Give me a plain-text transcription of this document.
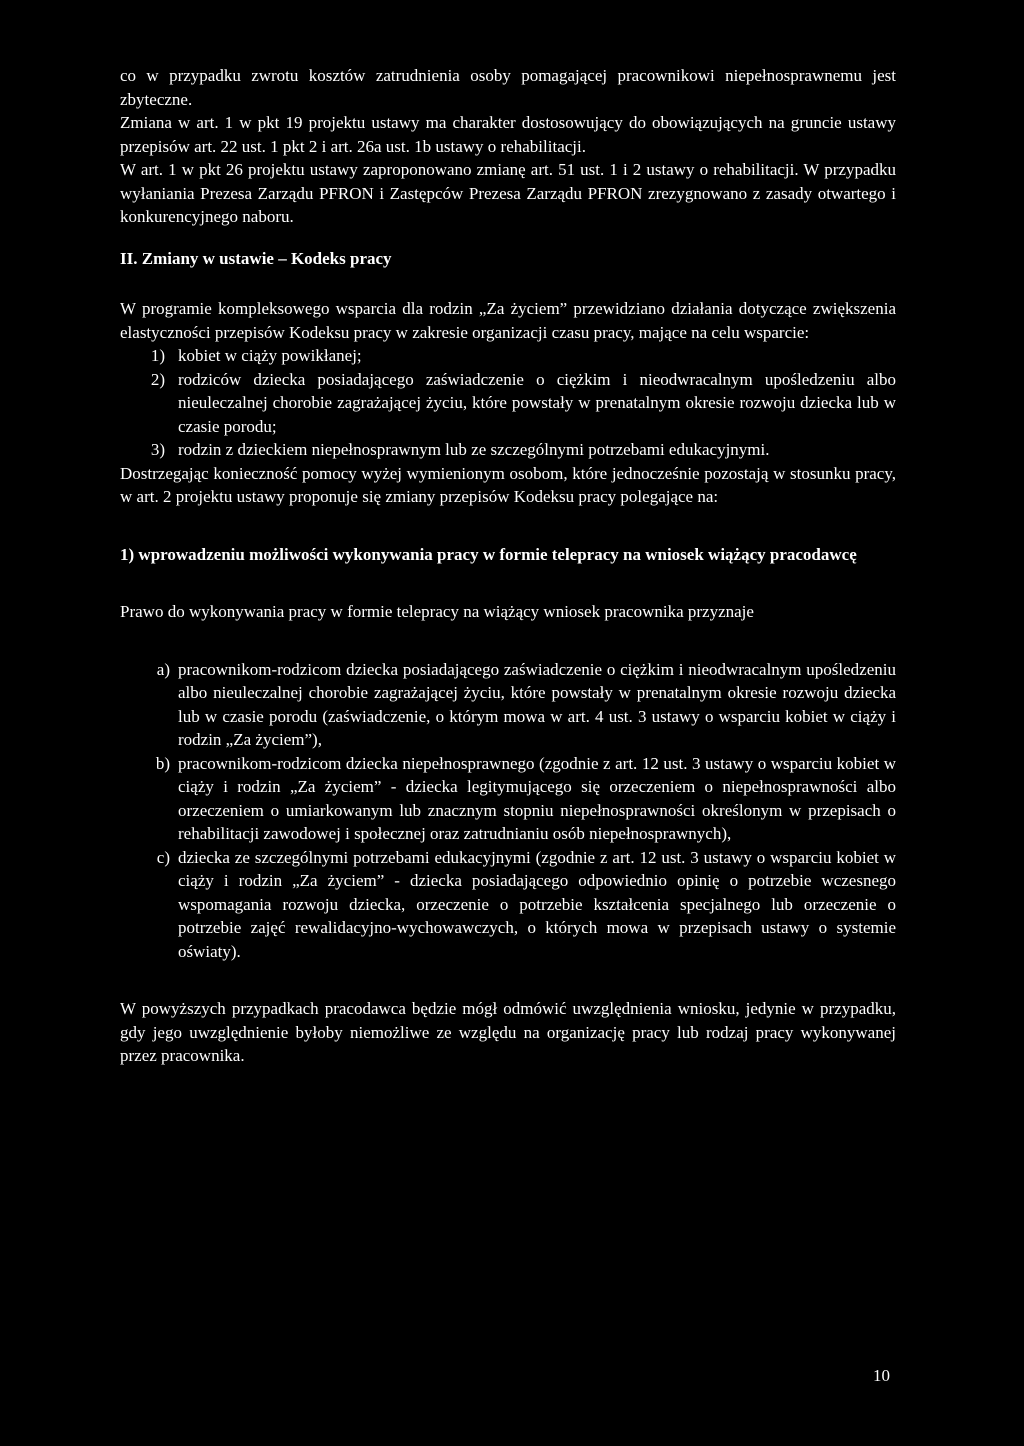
co w przypadku zwrotu kosztów zatrudnienia osoby pomagającej pracownikowi niepełnosprawnemu jest zbyteczne.

Zmiana w art. 1 w pkt 19 projektu ustawy ma charakter dostosowujący do obowiązujących na gruncie ustawy przepisów art. 22 ust. 1 pkt 2 i art. 26a ust. 1b ustawy o rehabilitacji.

W art. 1 w pkt 26 projektu ustawy zaproponowano zmianę art. 51 ust. 1 i 2 ustawy o rehabilitacji. W przypadku wyłaniania Prezesa Zarządu PFRON i Zastępców Prezesa Zarządu PFRON zrezygnowano z zasady otwartego i konkurencyjnego naboru.

II. Zmiany w ustawie – Kodeks pracy

W programie kompleksowego wsparcia dla rodzin „Za życiem” przewidziano działania dotyczące zwiększenia elastyczności przepisów Kodeksu pracy w zakresie organizacji czasu pracy, mające na celu wsparcie:

1) kobiet w ciąży powikłanej;
2) rodziców dziecka posiadającego zaświadczenie o ciężkim i nieodwracalnym upośledzeniu albo nieuleczalnej chorobie zagrażającej życiu, które powstały w prenatalnym okresie rozwoju dziecka lub w czasie porodu;
3) rodzin z dzieckiem niepełnosprawnym lub ze szczególnymi potrzebami edukacyjnymi.

Dostrzegając konieczność pomocy wyżej wymienionym osobom, które jednocześnie pozostają w stosunku pracy, w art. 2 projektu ustawy proponuje się zmiany przepisów Kodeksu pracy polegające na:

1) wprowadzeniu możliwości wykonywania pracy w formie telepracy na wniosek wiążący pracodawcę

Prawo do wykonywania pracy w formie telepracy na wiążący wniosek pracownika przyznaje

a) pracownikom-rodzicom dziecka posiadającego zaświadczenie o ciężkim i nieodwracalnym upośledzeniu albo nieuleczalnej chorobie zagrażającej życiu, które powstały w prenatalnym okresie rozwoju dziecka lub w czasie porodu (zaświadczenie, o którym mowa w art. 4 ust. 3 ustawy o wsparciu kobiet w ciąży i rodzin „Za życiem”),
b) pracownikom-rodzicom dziecka niepełnosprawnego (zgodnie z art. 12 ust. 3 ustawy o wsparciu kobiet w ciąży i rodzin „Za życiem” - dziecka legitymującego się orzeczeniem o niepełnosprawności albo orzeczeniem o umiarkowanym lub znacznym stopniu niepełnosprawności określonym w przepisach o rehabilitacji zawodowej i społecznej oraz zatrudnianiu osób niepełnosprawnych),
c) dziecka ze szczególnymi potrzebami edukacyjnymi (zgodnie z art. 12 ust. 3 ustawy o wsparciu kobiet w ciąży i rodzin „Za życiem” - dziecka posiadającego odpowiednio opinię o potrzebie wczesnego wspomagania rozwoju dziecka, orzeczenie o potrzebie kształcenia specjalnego lub orzeczenie o potrzebie zajęć rewalidacyjno-wychowawczych, o których mowa w przepisach ustawy o systemie oświaty).

W powyższych przypadkach pracodawca będzie mógł odmówić uwzględnienia wniosku, jedynie w przypadku, gdy jego uwzględnienie byłoby niemożliwe ze względu na organizację pracy lub rodzaj pracy wykonywanej przez pracownika.

10
